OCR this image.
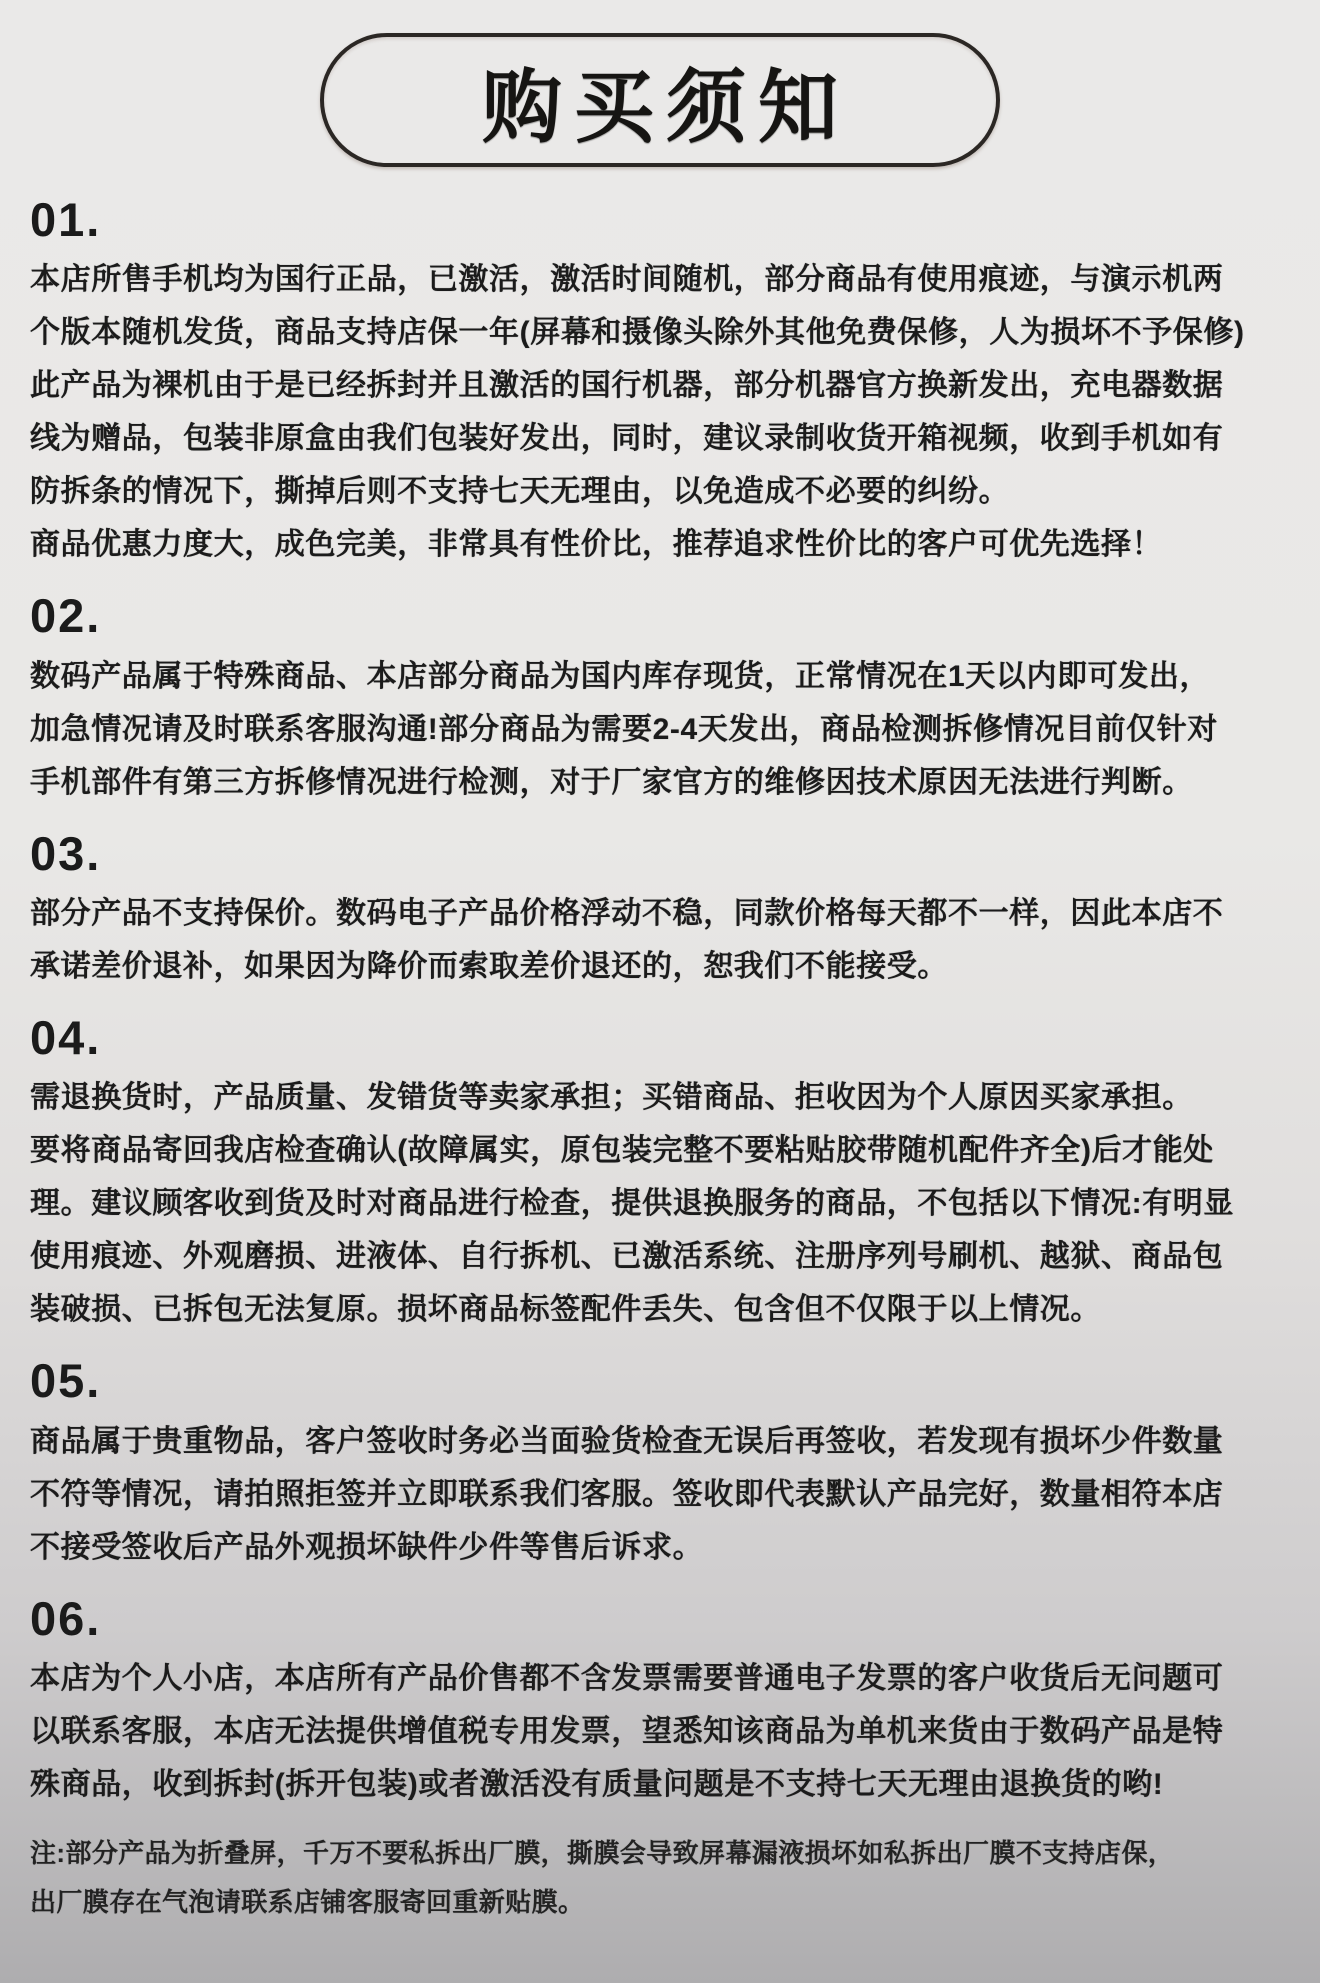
购买须知
01.
本店所售手机均为国行正品，已激活，激活时间随机，部分商品有使用痕迹，与演示机两
个版本随机发货，商品支持店保一年(屏幕和摄像头除外其他免费保修，人为损坏不予保修)
此产品为裸机由于是已经拆封并且激活的国行机器，部分机器官方换新发出，充电器数据
线为赠品，包装非原盒由我们包装好发出，同时，建议录制收货开箱视频，收到手机如有
防拆条的情况下，撕掉后则不支持七天无理由，以免造成不必要的纠纷。
商品优惠力度大，成色完美，非常具有性价比，推荐追求性价比的客户可优先选择！
02.
数码产品属于特殊商品、本店部分商品为国内库存现货，正常情况在1天以内即可发出，
加急情况请及时联系客服沟通!部分商品为需要2-4天发出，商品检测拆修情况目前仅针对
手机部件有第三方拆修情况进行检测，对于厂家官方的维修因技术原因无法进行判断。
03.
部分产品不支持保价。数码电子产品价格浮动不稳，同款价格每天都不一样，因此本店不
承诺差价退补，如果因为降价而索取差价退还的，恕我们不能接受。
04.
需退换货时，产品质量、发错货等卖家承担；买错商品、拒收因为个人原因买家承担。
要将商品寄回我店检查确认(故障属实，原包装完整不要粘贴胶带随机配件齐全)后才能处
理。建议顾客收到货及时对商品进行检查，提供退换服务的商品，不包括以下情况:有明显
使用痕迹、外观磨损、进液体、自行拆机、已激活系统、注册序列号刷机、越狱、商品包
装破损、已拆包无法复原。损坏商品标签配件丢失、包含但不仅限于以上情况。
05.
商品属于贵重物品，客户签收时务必当面验货检查无误后再签收，若发现有损坏少件数量
不符等情况，请拍照拒签并立即联系我们客服。签收即代表默认产品完好，数量相符本店
不接受签收后产品外观损坏缺件少件等售后诉求。
06.
本店为个人小店，本店所有产品价售都不含发票需要普通电子发票的客户收货后无问题可
以联系客服，本店无法提供增值税专用发票，望悉知该商品为单机来货由于数码产品是特
殊商品，收到拆封(拆开包装)或者激活没有质量问题是不支持七天无理由退换货的哟!
注:部分产品为折叠屏，千万不要私拆出厂膜，撕膜会导致屏幕漏液损坏如私拆出厂膜不支持店保，
出厂膜存在气泡请联系店铺客服寄回重新贴膜。
